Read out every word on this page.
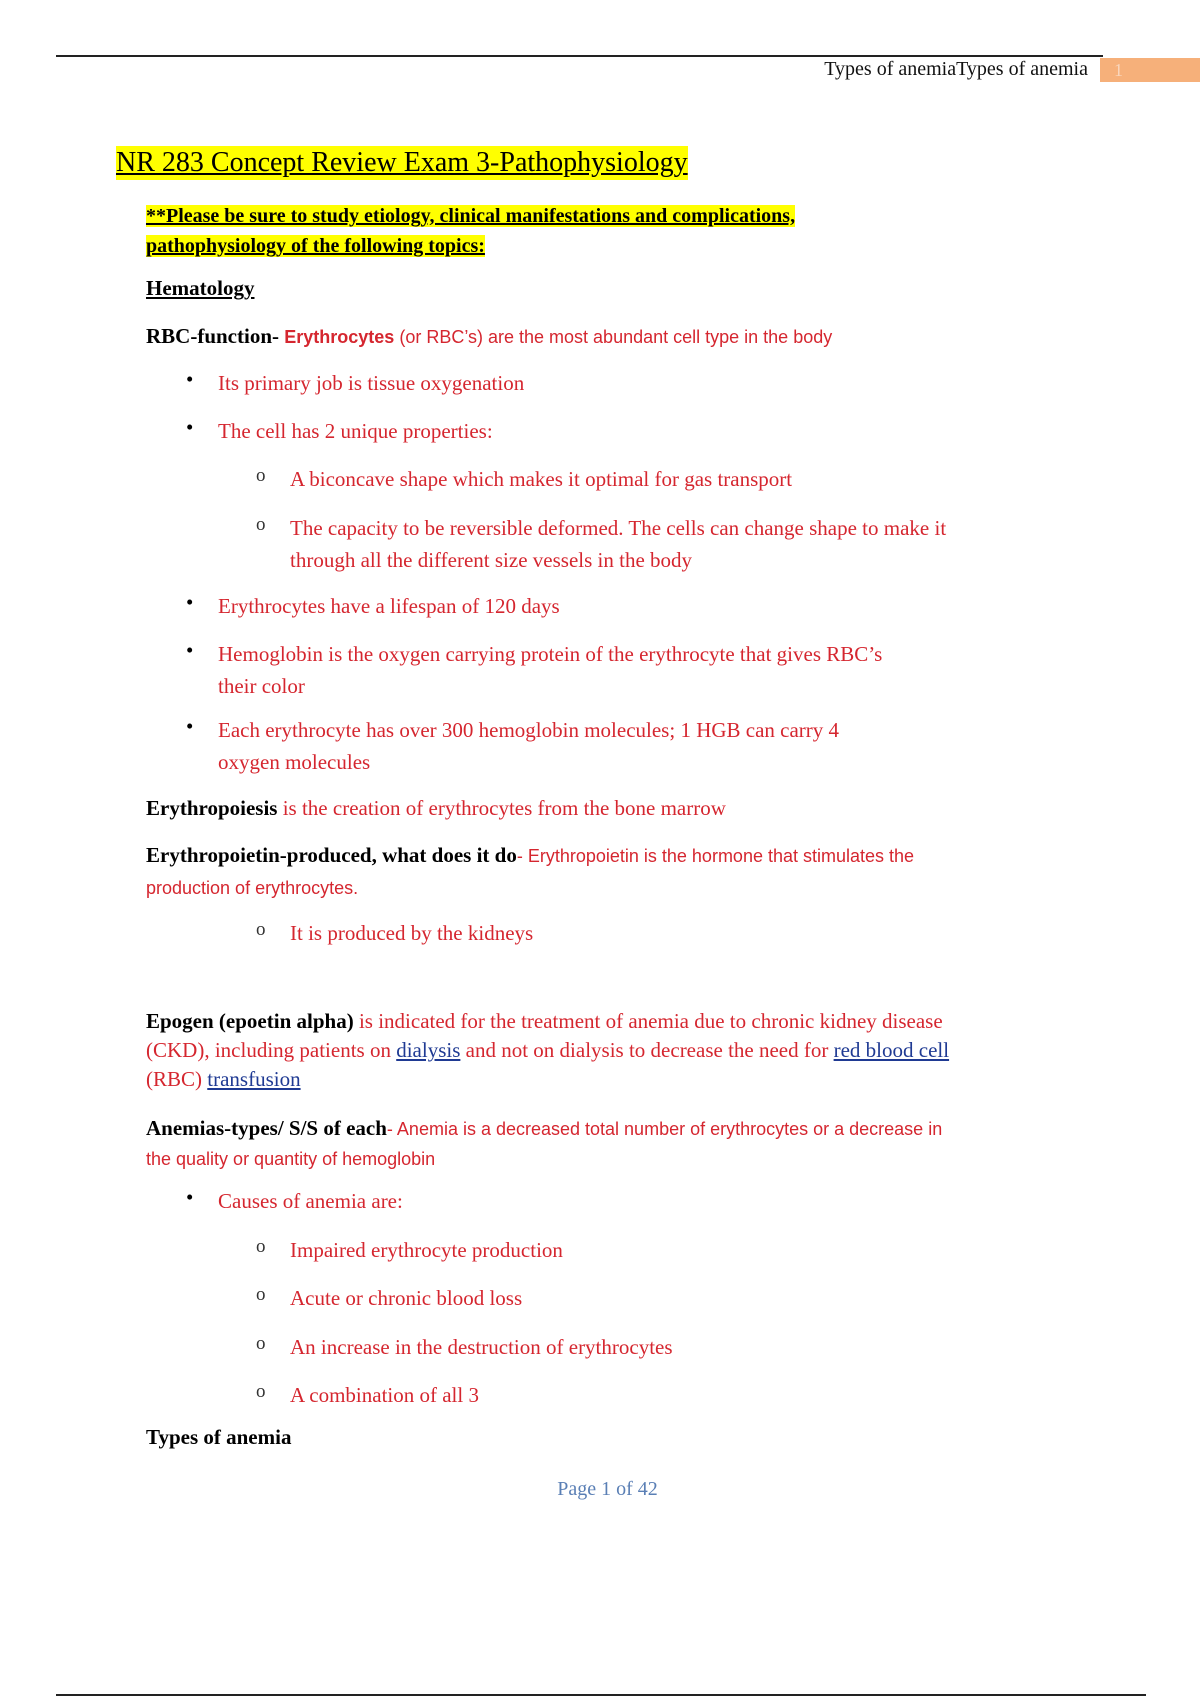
Types of anemiaTypes of anemia	1
NR 283 Concept Review Exam 3-Pathophysiology
**Please be sure to study etiology, clinical manifestations and complications,
pathophysiology of the following topics:
Hematology
RBC-function- Erythrocytes (or RBC’s) are the most abundant cell type in the body
•	Its primary job is tissue oxygenation
•	The cell has 2 unique properties:
o A biconcave shape which makes it optimal for gas transport
o The capacity to be reversible deformed. The cells can change shape to make it
through all the different size vessels in the body
•	Erythrocytes have a lifespan of 120 days
•	Hemoglobin is the oxygen carrying protein of the erythrocyte that gives RBC’s
their color
•	Each erythrocyte has over 300 hemoglobin molecules; 1 HGB can carry 4
oxygen molecules
Erythropoiesis is the creation of erythrocytes from the bone marrow
Erythropoietin-produced, what does it do- Erythropoietin is the hormone that stimulates the
production of erythrocytes.
o It is produced by the kidneys
Epogen (epoetin alpha) is indicated for the treatment of anemia due to chronic kidney disease
(CKD), including patients on dialysis and not on dialysis to decrease the need for red blood cell
(RBC) transfusion
Anemias-types/ S/S of each- Anemia is a decreased total number of erythrocytes or a decrease in
the quality or quantity of hemoglobin
•	Causes of anemia are:
o Impaired erythrocyte production
o Acute or chronic blood loss
o An increase in the destruction of erythrocytes
o A combination of all 3
Types of anemia
Page 1 of 42
